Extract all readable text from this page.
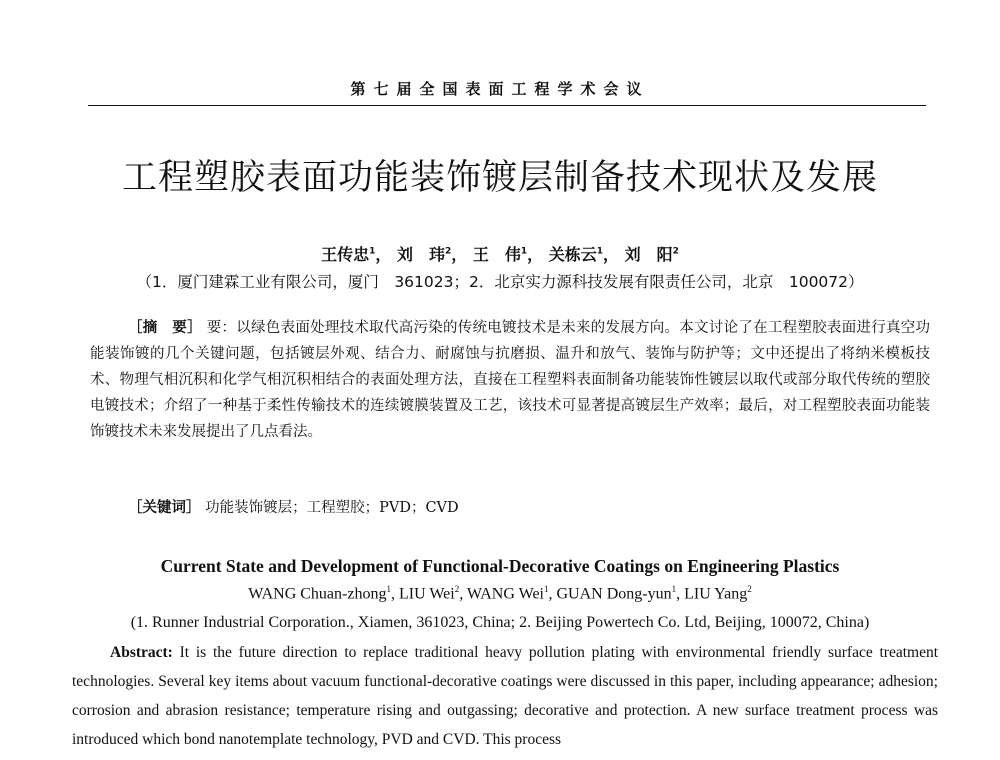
第七届全国表面工程学术会议
工程塑胶表面功能装饰镀层制备技术现状及发展
王传忠$^1$， 刘　玮$^2$， 王　伟$^1$， 关栋云$^1$， 刘　阳$^2$
（1．厦门建霖工业有限公司，厦门　361023；2．北京实力源科技发展有限责任公司，北京　100072）
［摘　要］ 要：以绿色表面处理技术取代高污染的传统电镀技术是未来的发展方向。本文讨论了在工程塑胶表面进行真空功能装饰镀的几个关键问题，包括镀层外观、结合力、耐腐蚀与抗磨损、温升和放气、装饰与防护等；文中还提出了将纳米模板技术、物理气相沉积和化学气相沉积相结合的表面处理方法，直接在工程塑料表面制备功能装饰性镀层以取代或部分取代传统的塑胶电镀技术；介绍了一种基于柔性传输技术的连续镀膜装置及工艺，该技术可显著提高镀层生产效率；最后，对工程塑胶表面功能装饰镀技术未来发展提出了几点看法。
［关键词］ 功能装饰镀层；工程塑胶；PVD；CVD
Current State and Development of Functional-Decorative Coatings on Engineering Plastics
WANG Chuan-zhong$^1$, LIU Wei$^2$, WANG Wei$^1$, GUAN Dong-yun$^1$, LIU Yang$^2$
(1. Runner Industrial Corporation., Xiamen, 361023, China; 2. Beijing Powertech Co. Ltd, Beijing, 100072, China)
Abstract: It is the future direction to replace traditional heavy pollution plating with environmental friendly surface treatment technologies. Several key items about vacuum functional-decorative coatings were discussed in this paper, including appearance; adhesion; corrosion and abrasion resistance; temperature rising and outgassing; decorative and protection. A new surface treatment process was introduced which bond nanotemplate technology, PVD and CVD. This process
